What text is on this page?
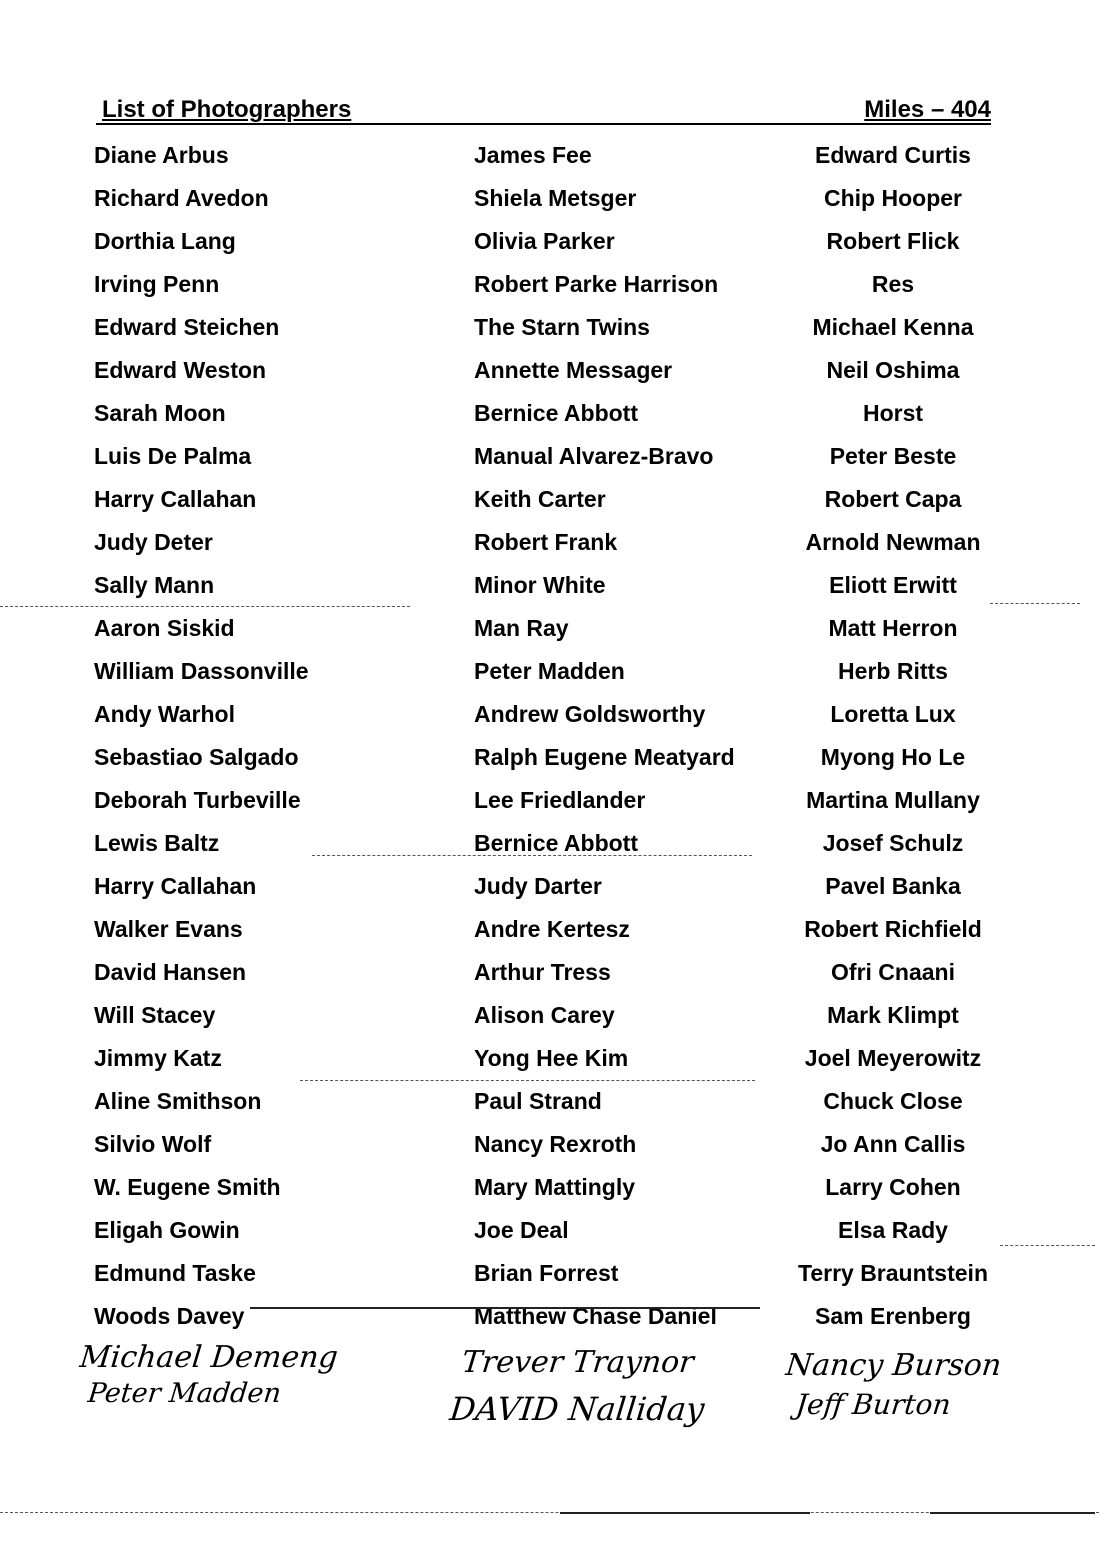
List of Photographers	Miles – 404
Diane Arbus
Richard Avedon
Dorthia Lang
Irving Penn
Edward Steichen
Edward Weston
Sarah Moon
Luis De Palma
Harry Callahan
Judy Deter
Sally Mann
Aaron Siskid
William Dassonville
Andy Warhol
Sebastiao Salgado
Deborah Turbeville
Lewis Baltz
Harry Callahan
Walker Evans
David Hansen
Will Stacey
Jimmy Katz
Aline Smithson
Silvio Wolf
W. Eugene Smith
Eligah Gowin
Edmund Taske
Woods Davey
James Fee
Shiela Metsger
Olivia Parker
Robert Parke Harrison
The Starn Twins
Annette Messager
Bernice Abbott
Manual Alvarez-Bravo
Keith Carter
Robert Frank
Minor White
Man Ray
Peter Madden
Andrew Goldsworthy
Ralph Eugene Meatyard
Lee Friedlander
Bernice Abbott
Judy Darter
Andre Kertesz
Arthur Tress
Alison Carey
Yong Hee Kim
Paul Strand
Nancy Rexroth
Mary Mattingly
Joe Deal
Brian Forrest
Matthew Chase Daniel
Edward Curtis
Chip Hooper
Robert Flick
Res
Michael Kenna
Neil Oshima
Horst
Peter Beste
Robert Capa
Arnold Newman
Eliott Erwitt
Matt Herron
Herb Ritts
Loretta Lux
Myong Ho Le
Martina Mullany
Josef Schulz
Pavel Banka
Robert Richfield
Ofri Cnaani
Mark Klimpt
Joel Meyerowitz
Chuck Close
Jo Ann Callis
Larry Cohen
Elsa Rady
Terry Brauntstein
Sam Erenberg
Michael Demeng
Peter Madden
Trever Traynor
DAVID Nalliday
Nancy Burson
Jeff Burton
